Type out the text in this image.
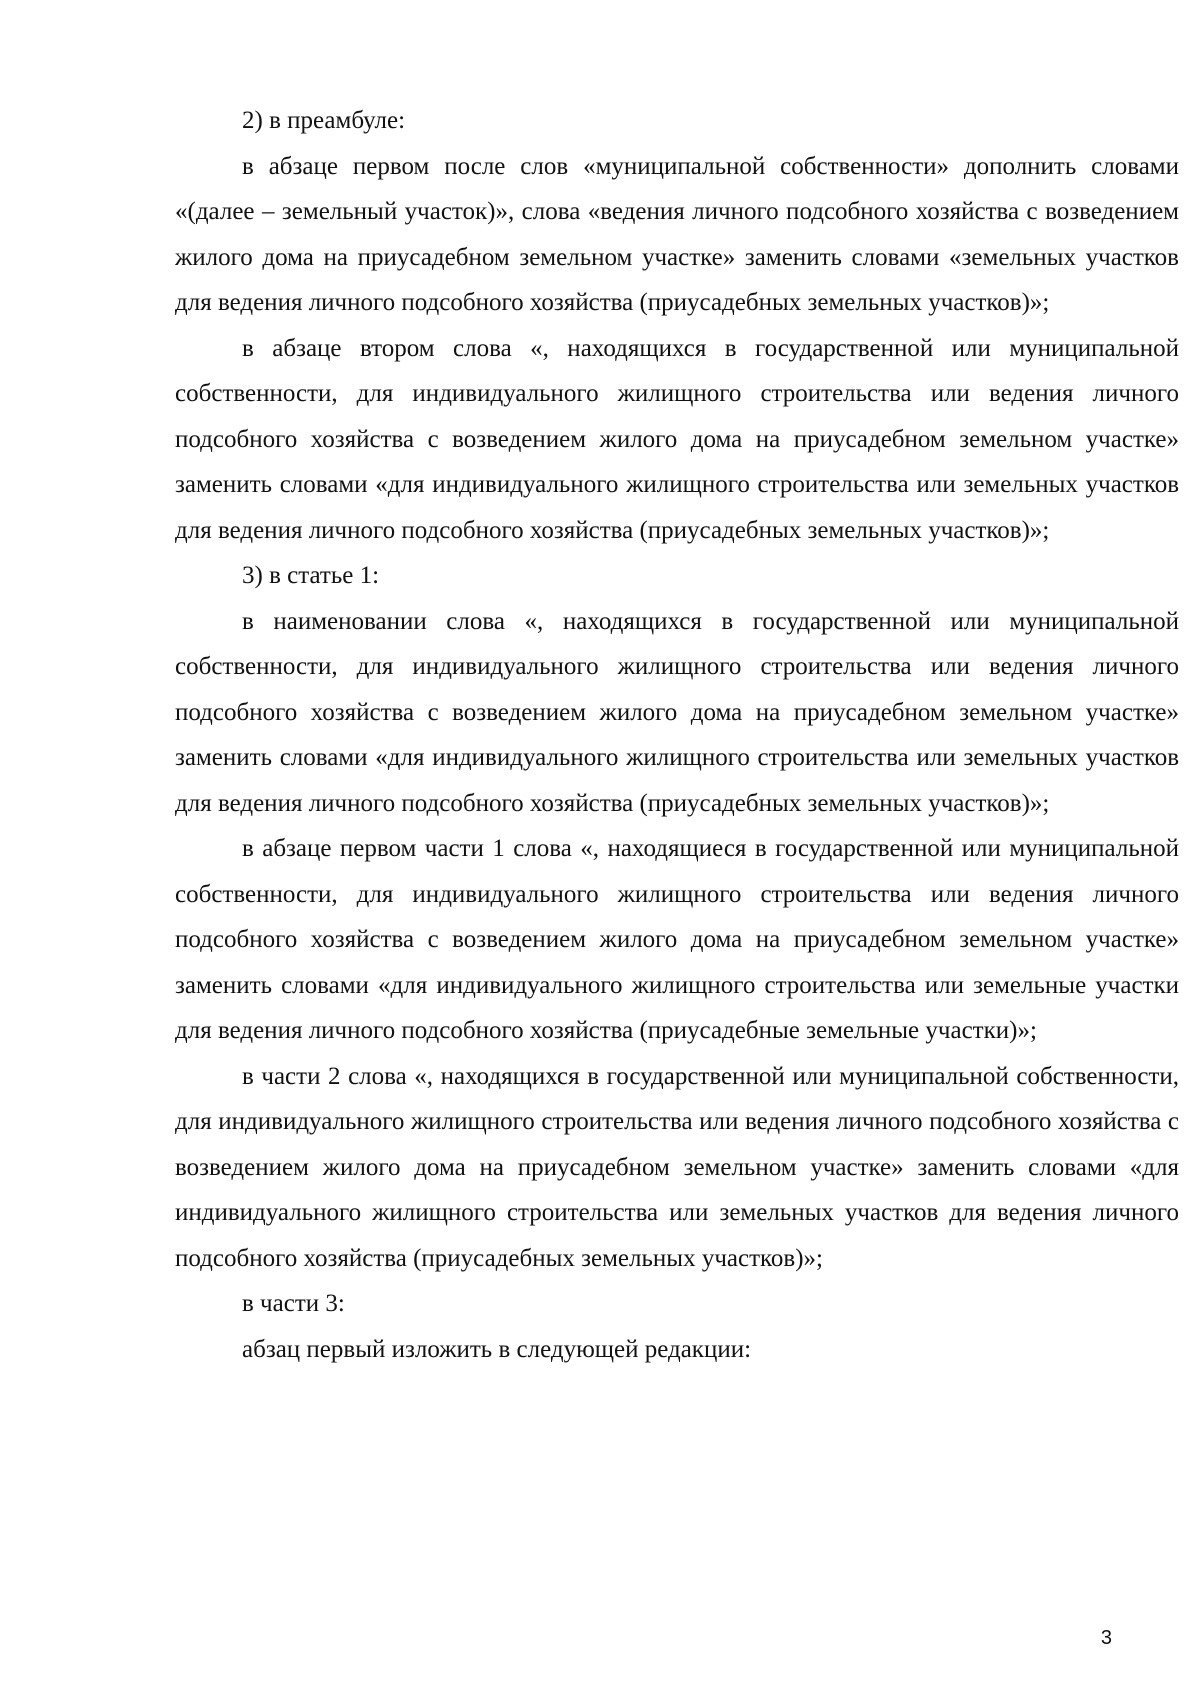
2) в преамбуле:

в абзаце первом после слов «муниципальной собственности» дополнить словами «(далее – земельный участок)», слова «ведения личного подсобного хозяйства с возведением жилого дома на приусадебном земельном участке» заменить словами «земельных участков для ведения личного подсобного хозяйства (приусадебных земельных участков)»;

в абзаце втором слова «, находящихся в государственной или муниципальной собственности, для индивидуального жилищного строительства или ведения личного подсобного хозяйства с возведением жилого дома на приусадебном земельном участке» заменить словами «для индивидуального жилищного строительства или земельных участков для ведения личного подсобного хозяйства (приусадебных земельных участков)»;

3) в статье 1:

в наименовании слова «, находящихся в государственной или муниципальной собственности, для индивидуального жилищного строительства или ведения личного подсобного хозяйства с возведением жилого дома на приусадебном земельном участке» заменить словами «для индивидуального жилищного строительства или земельных участков для ведения личного подсобного хозяйства (приусадебных земельных участков)»;

в абзаце первом части 1 слова «, находящиеся в государственной или муниципальной собственности, для индивидуального жилищного строительства или ведения личного подсобного хозяйства с возведением жилого дома на приусадебном земельном участке» заменить словами «для индивидуального жилищного строительства или земельные участки для ведения личного подсобного хозяйства (приусадебные земельные участки)»;

в части 2 слова «, находящихся в государственной или муниципальной собственности, для индивидуального жилищного строительства или ведения личного подсобного хозяйства с возведением жилого дома на приусадебном земельном участке» заменить словами «для индивидуального жилищного строительства или земельных участков для ведения личного подсобного хозяйства (приусадебных земельных участков)»;

в части 3:

абзац первый изложить в следующей редакции:

3
